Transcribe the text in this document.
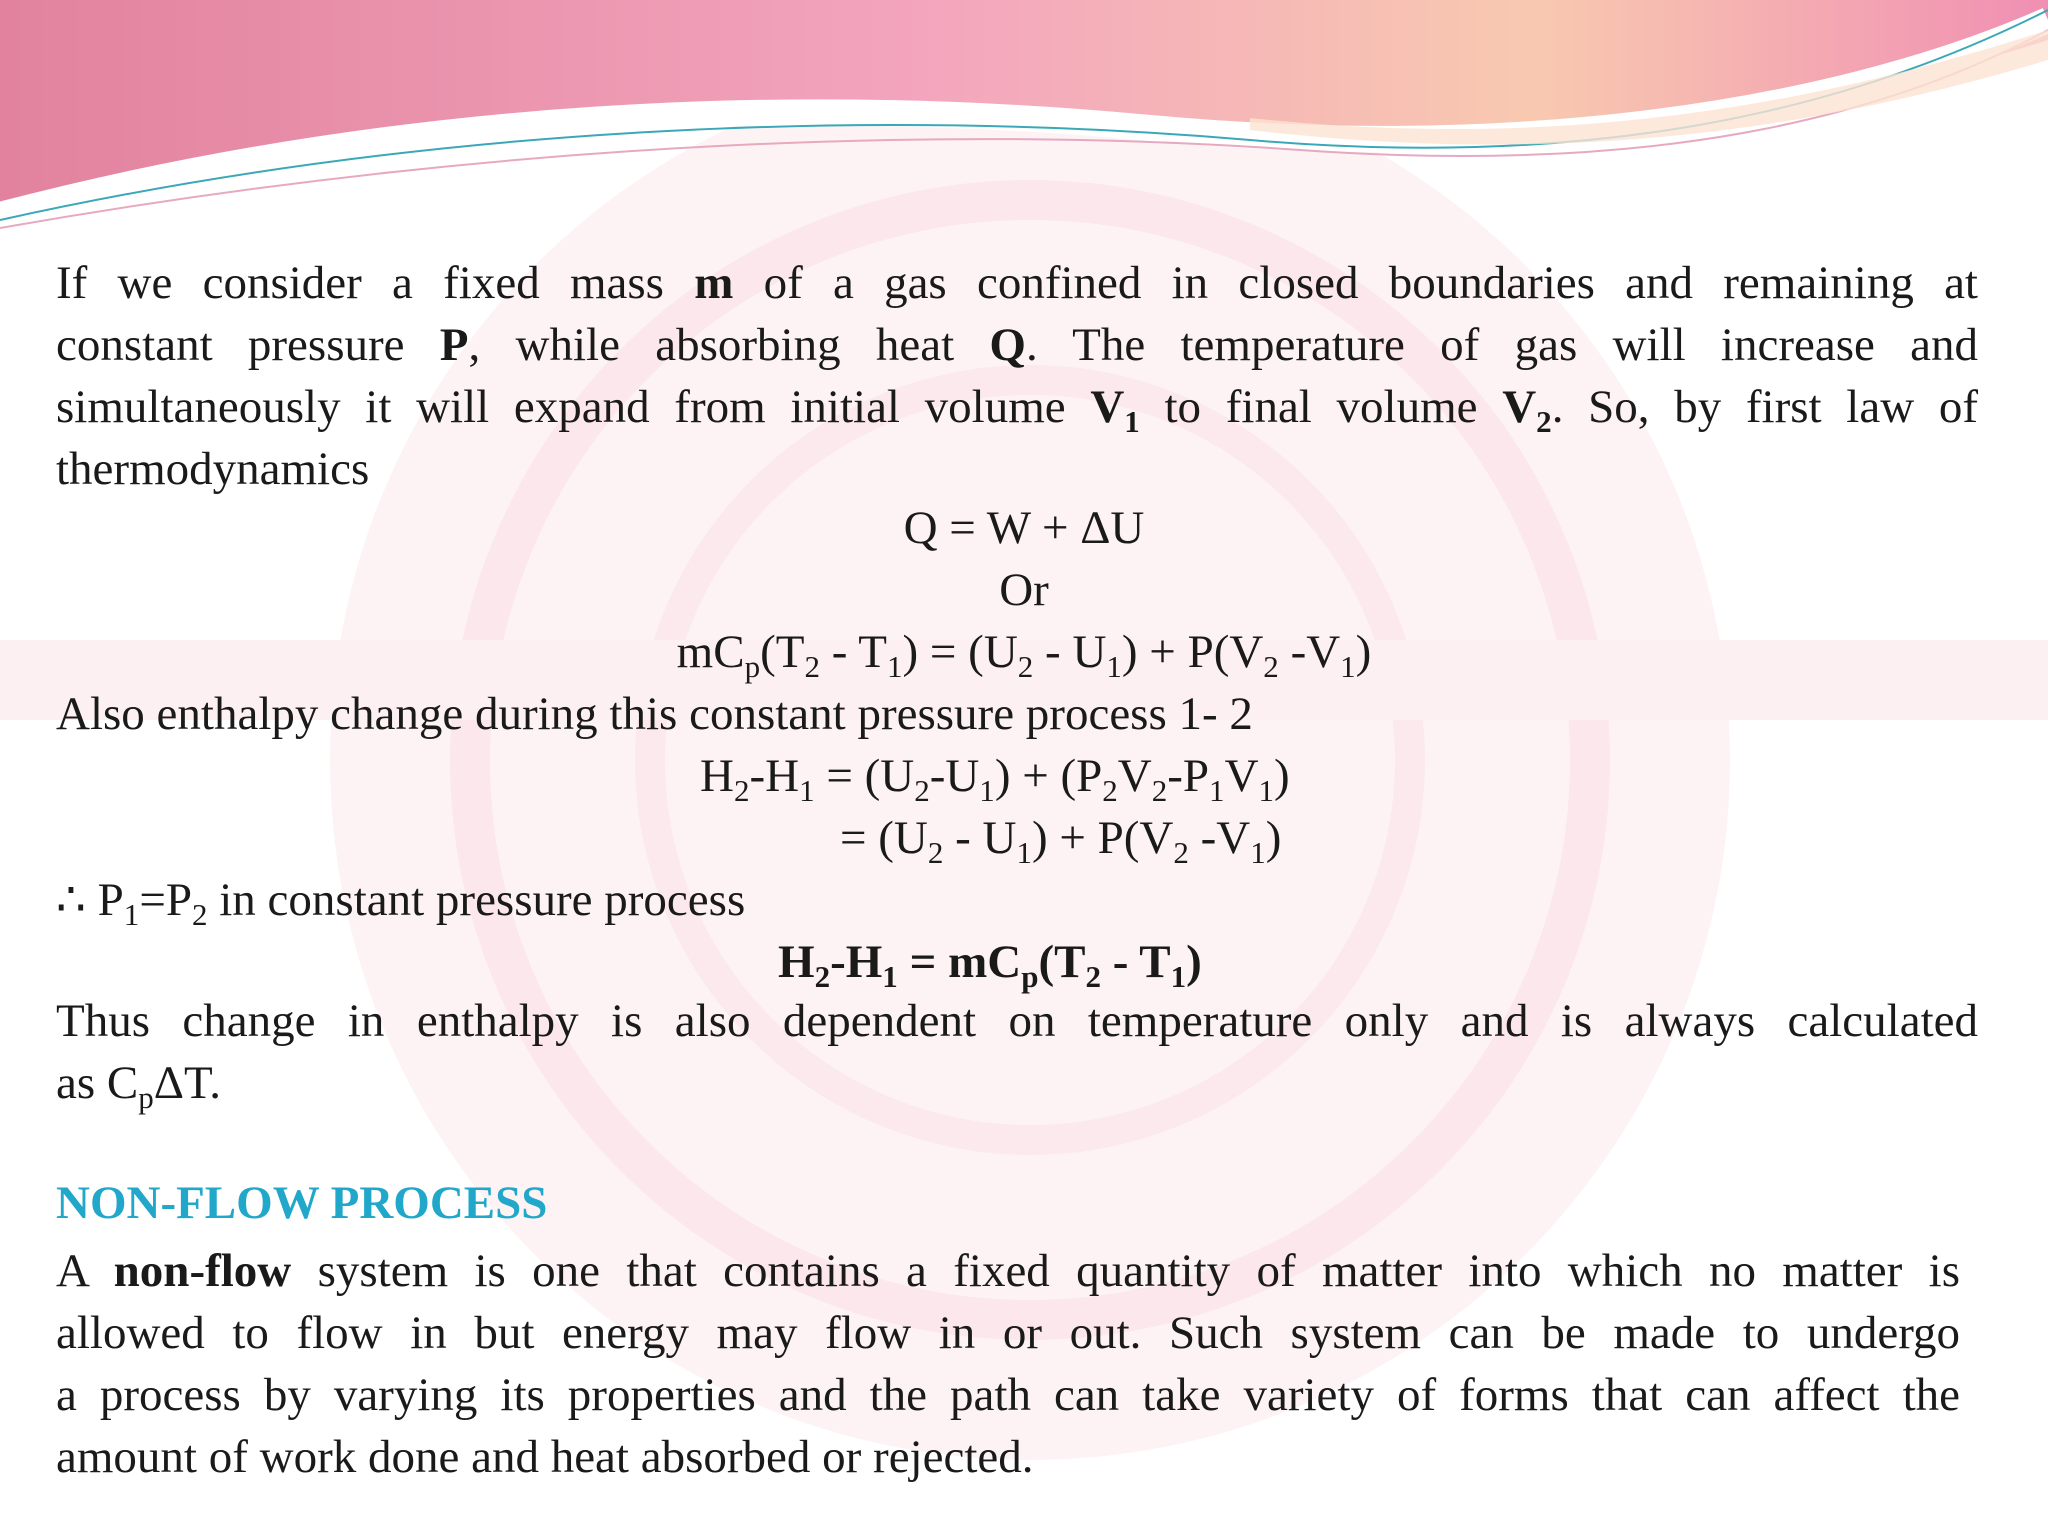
If we consider a fixed mass m of a gas confined in closed boundaries and remaining at
constant pressure P, while absorbing heat Q. The temperature of gas will increase and
simultaneously it will expand from initial volume $V_1$ to final volume $V_2$. So, by first law of
thermodynamics
Q = W + ΔU
Or
$mC_p(T_2 - T_1) = (U_2 - U_1) + P(V_2$ $-V_1$)
Also enthalpy change during this constant pressure process 1- 2
$H_2-H_1 = (U_2-U_1) + (P_2V_2-P_1V_1)$
= $(U_2 - U_1) + P(V_2$ $-V_1$)
∴ $P_1=P_2$ in constant pressure process
$H_2-H_1 = mC_p(T_2 - T_1)$
Thus change in enthalpy is also dependent on temperature only and is always calculated
as $C_p\Delta T$.
NON-FLOW PROCESS
A non-flow system is one that contains a fixed quantity of matter into which no matter is
allowed to flow in but energy may flow in or out. Such system can be made to undergo
a process by varying its properties and the path can take variety of forms that can affect the
amount of work done and heat absorbed or rejected.
